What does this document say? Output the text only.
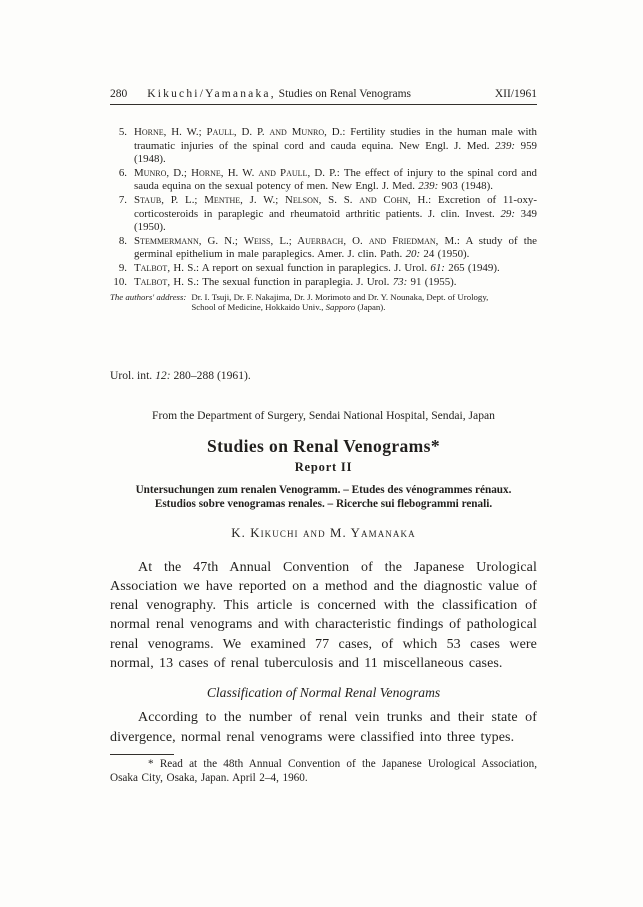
280 Kikuchi/Yamanaka, Studies on Renal Venograms	XII/1961
5. Horne, H. W.; Paull, D. P. and Munro, D.: Fertility studies in the human male with traumatic injuries of the spinal cord and cauda equina. New Engl. J. Med. 239: 959 (1948).
6. Munro, D.; Horne, H. W. and Paull, D. P.: The effect of injury to the spinal cord and sauda equina on the sexual potency of men. New Engl. J. Med. 239: 903 (1948).
7. Staub, P. L.; Menthe, J. W.; Nelson, S. S. and Cohn, H.: Excretion of 11-oxy-corticosteroids in paraplegic and rheumatoid arthritic patients. J. clin. Invest. 29: 349 (1950).
8. Stemmermann, G. N.; Weiss, L.; Auerbach, O. and Friedman, M.: A study of the germinal epithelium in male paraplegics. Amer. J. clin. Path. 20: 24 (1950).
9. Talbot, H. S.: A report on sexual function in paraplegics. J. Urol. 61: 265 (1949).
10. Talbot, H. S.: The sexual function in paraplegia. J. Urol. 73: 91 (1955).
The authors' address: Dr. I. Tsuji, Dr. F. Nakajima, Dr. J. Morimoto and Dr. Y. Nounaka, Dept. of Urology,
School of Medicine, Hokkaido Univ., Sapporo (Japan).
Urol. int. 12: 280–288 (1961).
From the Department of Surgery, Sendai National Hospital, Sendai, Japan
Studies on Renal Venograms*
Report II
Untersuchungen zum renalen Venogramm. – Etudes des vénogrammes rénaux.
Estudios sobre venogramas renales. – Ricerche sui flebogrammi renali.
K. Kikuchi and M. Yamanaka

At the 47th Annual Convention of the Japanese Urological Association we have reported on a method and the diagnostic value of renal venography. This article is concerned with the classification of normal renal venograms and with characteristic findings of pathological renal venograms. We examined 77 cases, of which 53 cases were normal, 13 cases of renal tuberculosis and 11 miscellaneous cases.

Classification of Normal Renal Venograms

According to the number of renal vein trunks and their state of divergence, normal renal venograms were classified into three types.

* Read at the 48th Annual Convention of the Japanese Urological Association, Osaka City, Osaka, Japan. April 2–4, 1960.
